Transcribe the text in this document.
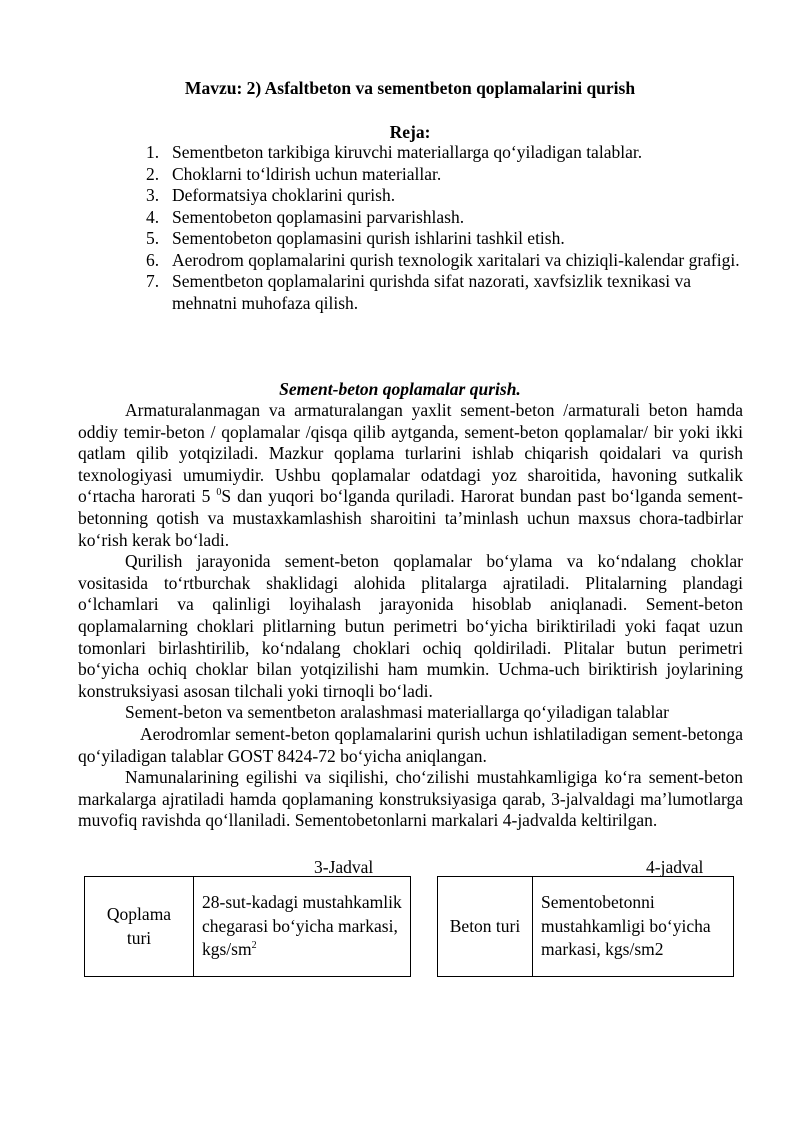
Mavzu: 2) Asfaltbeton va sementbeton qoplamalarini qurish
Reja:
1. Sementbeton tarkibiga kiruvchi materiallarga qo‘yiladigan talablar.
2. Choklarni to‘ldirish uchun materiallar.
3. Deformatsiya choklarini qurish.
4. Sementobeton qoplamasini parvarishlash.
5. Sementobeton qoplamasini qurish ishlarini tashkil etish.
6. Aerodrom qoplamalarini qurish texnologik xaritalari va chiziqli-kalendar grafigi.
7. Sementbeton qoplamalarini qurishda sifat nazorati, xavfsizlik texnikasi va mehnatni muhofaza qilish.
Sement-beton qoplamalar qurish.

Armaturalanmagan va armaturalangan yaxlit sement-beton /armaturali beton hamda oddiy temir-beton / qoplamalar /qisqa qilib aytganda, sement-beton qoplamalar/ bir yoki ikki qatlam qilib yotqiziladi. Mazkur qoplama turlarini ishlab chiqarish qoidalari va qurish texnologiyasi umumiydir. Ushbu qoplamalar odatdagi yoz sharoitida, havoning sutkalik o‘rtacha harorati 5 $^0$S dan yuqori bo‘lganda quriladi. Harorat bundan past bo‘lganda sement-betonning qotish va mustaxkamlashish sharoitini ta’minlash uchun maxsus chora-tadbirlar ko‘rish kerak bo‘ladi.

Qurilish jarayonida sement-beton qoplamalar bo‘ylama va ko‘ndalang choklar vositasida to‘rtburchak shaklidagi alohida plitalarga ajratiladi. Plitalarning plandagi o‘lchamlari va qalinligi loyihalash jarayonida hisoblab aniqlanadi. Sement-beton qoplamalarning choklari plitlarning butun perimetri bo‘yicha biriktiriladi yoki faqat uzun tomonlari birlashtirilib, ko‘ndalang choklari ochiq qoldiriladi. Plitalar butun perimetri bo‘yicha ochiq choklar bilan yotqizilishi ham mumkin. Uchma-uch biriktirish joylarining konstruksiyasi asosan tilchali yoki tirnoqli bo‘ladi.

Sement-beton va sementbeton aralashmasi materiallarga qo‘yiladigan talablar

Aerodromlar sement-beton qoplamalarini qurish uchun ishlatiladigan sement-betonga qo‘yiladigan talablar GOST 8424-72 bo‘yicha aniqlangan.

Namunalarining egilishi va siqilishi, cho‘zilishi mustahkamligiga ko‘ra sement-beton markalarga ajratiladi hamda qoplamaning konstruksiyasiga qarab, 3-jalvaldagi ma’lumotlarga muvofiq ravishda qo‘llaniladi. Sementobetonlarni markalari 4-jadvalda keltirilgan.

3-Jadval	4-jadval
Qoplama turi	28-sut-kadagi mustahkamlik chegarasi bo‘yicha markasi, kgs/$sm^2$
Beton turi	Sementobetonni mustahkamligi bo‘yicha markasi, kgs/sm2
